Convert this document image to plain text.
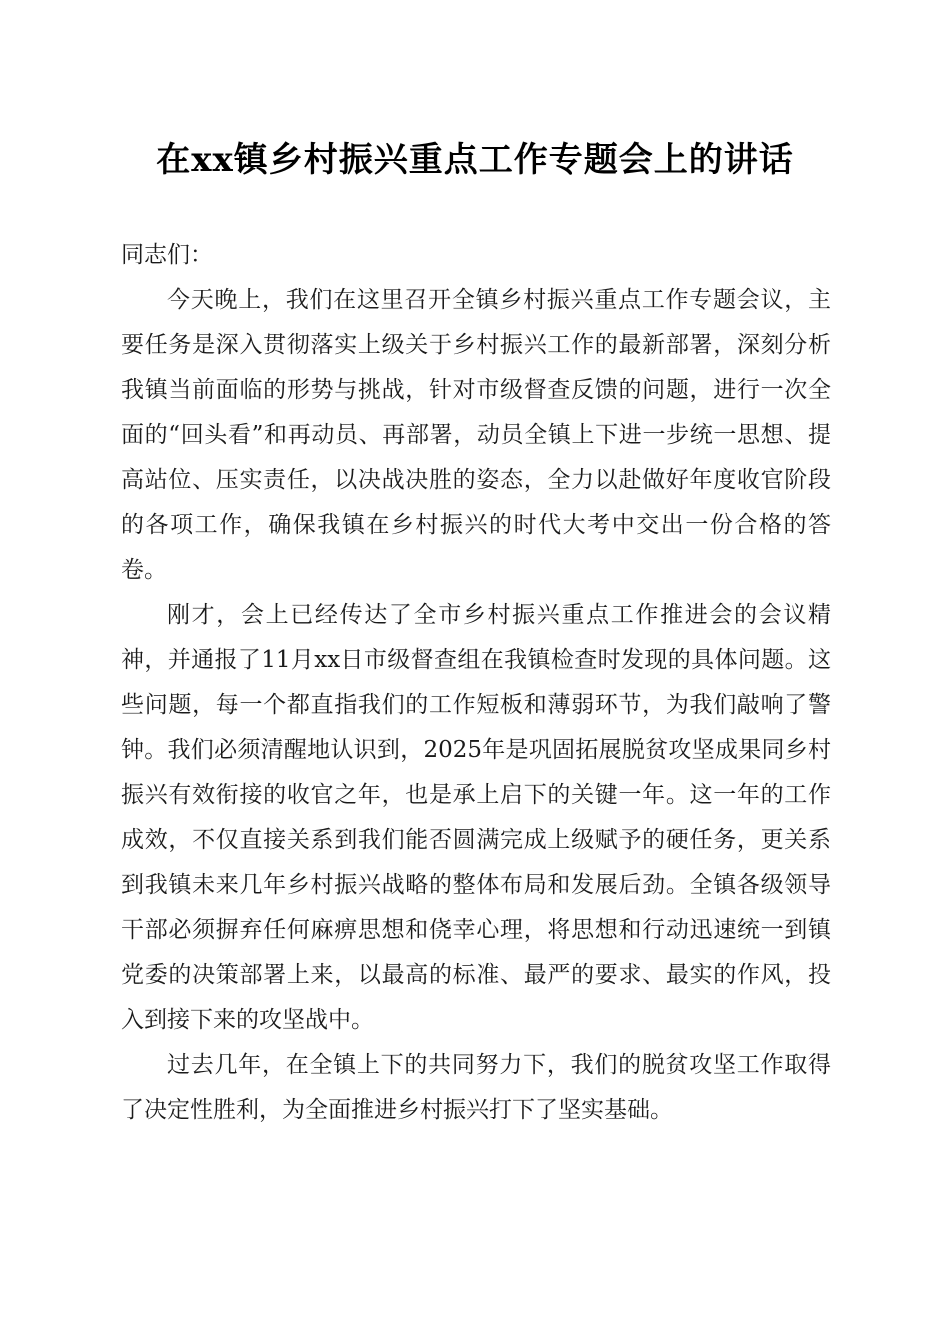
在xx镇乡村振兴重点工作专题会上的讲话

同志们：

今天晚上，我们在这里召开全镇乡村振兴重点工作专题会议，主要任务是深入贯彻落实上级关于乡村振兴工作的最新部署，深刻分析我镇当前面临的形势与挑战，针对市级督查反馈的问题，进行一次全面的“回头看”和再动员、再部署，动员全镇上下进一步统一思想、提高站位、压实责任，以决战决胜的姿态，全力以赴做好年度收官阶段的各项工作，确保我镇在乡村振兴的时代大考中交出一份合格的答卷。

刚才，会上已经传达了全市乡村振兴重点工作推进会的会议精神，并通报了11月xx日市级督查组在我镇检查时发现的具体问题。这些问题，每一个都直指我们的工作短板和薄弱环节，为我们敲响了警钟。我们必须清醒地认识到，2025年是巩固拓展脱贫攻坚成果同乡村振兴有效衔接的收官之年，也是承上启下的关键一年。这一年的工作成效，不仅直接关系到我们能否圆满完成上级赋予的硬任务，更关系到我镇未来几年乡村振兴战略的整体布局和发展后劲。全镇各级领导干部必须摒弃任何麻痹思想和侥幸心理，将思想和行动迅速统一到镇党委的决策部署上来，以最高的标准、最严的要求、最实的作风，投入到接下来的攻坚战中。

过去几年，在全镇上下的共同努力下，我们的脱贫攻坚工作取得了决定性胜利，为全面推进乡村振兴打下了坚实基础。
